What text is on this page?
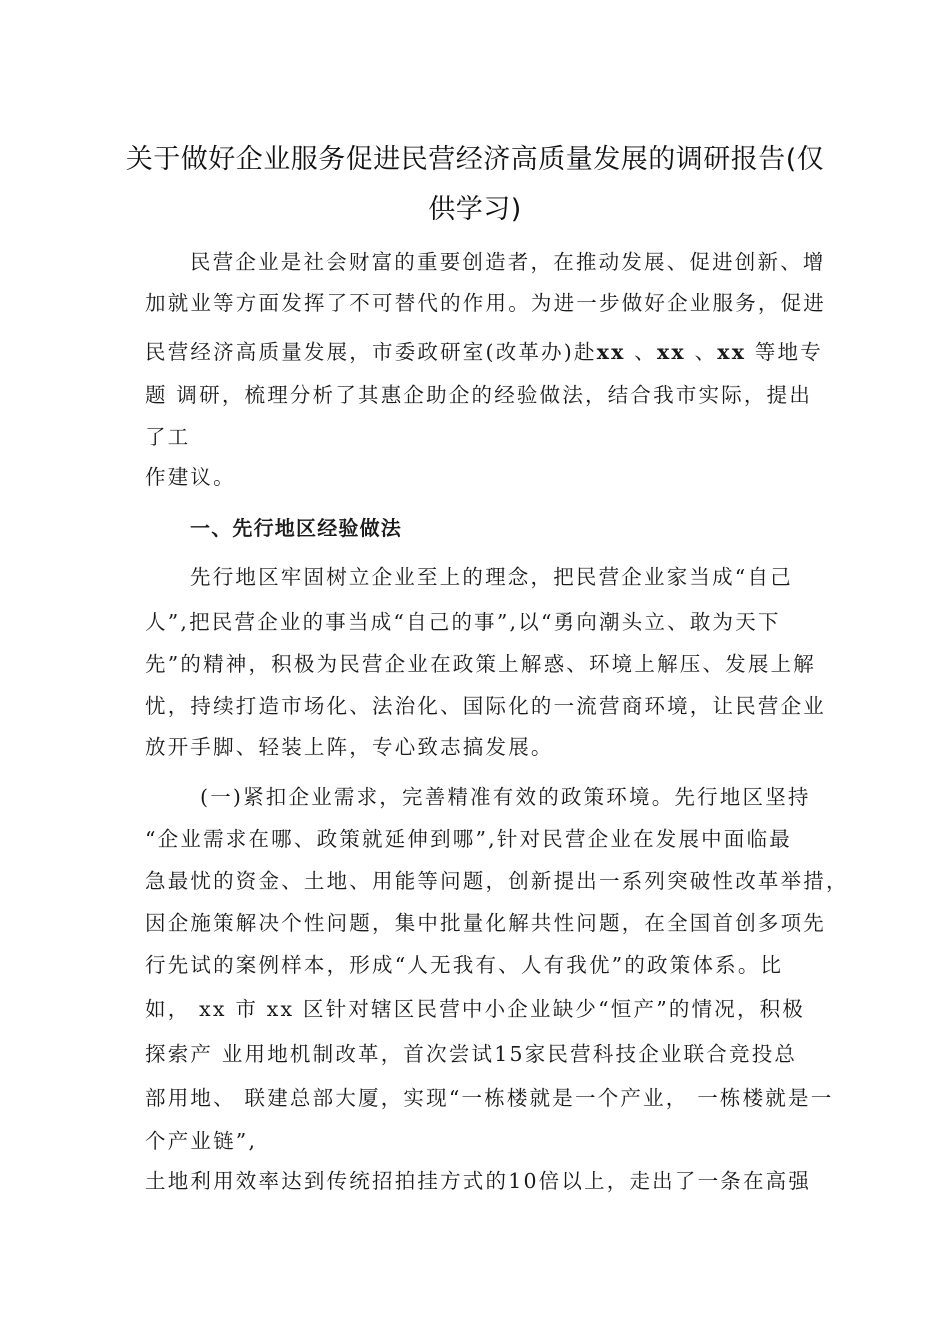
关于做好企业服务促进民营经济高质量发展的调研报告(仅
供学习)
民营企业是社会财富的重要创造者，在推动发展、促进创新、增
加就业等方面发挥了不可替代的作用。为进一步做好企业服务，促进
民营经济高质量发展，市委政研室(改革办)赴xx 、xx 、xx 等地专
题 调研，梳理分析了其惠企助企的经验做法，结合我市实际，提出
了工
作建议。
一、先行地区经验做法
先行地区牢固树立企业至上的理念，把民营企业家当成“自己
人”,把民营企业的事当成“自己的事”,以“勇向潮头立、敢为天下
先”的精神，积极为民营企业在政策上解惑、环境上解压、发展上解
忧，持续打造市场化、法治化、国际化的一流营商环境，让民营企业
放开手脚、轻装上阵，专心致志搞发展。
(一)紧扣企业需求，完善精准有效的政策环境。先行地区坚持
“企业需求在哪、政策就延伸到哪”,针对民营企业在发展中面临最
急最忧的资金、土地、用能等问题，创新提出一系列突破性改革举措，
因企施策解决个性问题，集中批量化解共性问题，在全国首创多项先
行先试的案例样本，形成“人无我有、人有我优”的政策体系。比
如， xx 市 xx 区针对辖区民营中小企业缺少“恒产”的情况，积极
探索产 业用地机制改革，首次尝试15家民营科技企业联合竞投总
部用地、 联建总部大厦，实现“一栋楼就是一个产业， 一栋楼就是一
个产业链”,
土地利用效率达到传统招拍挂方式的10倍以上，走出了一条在高强
